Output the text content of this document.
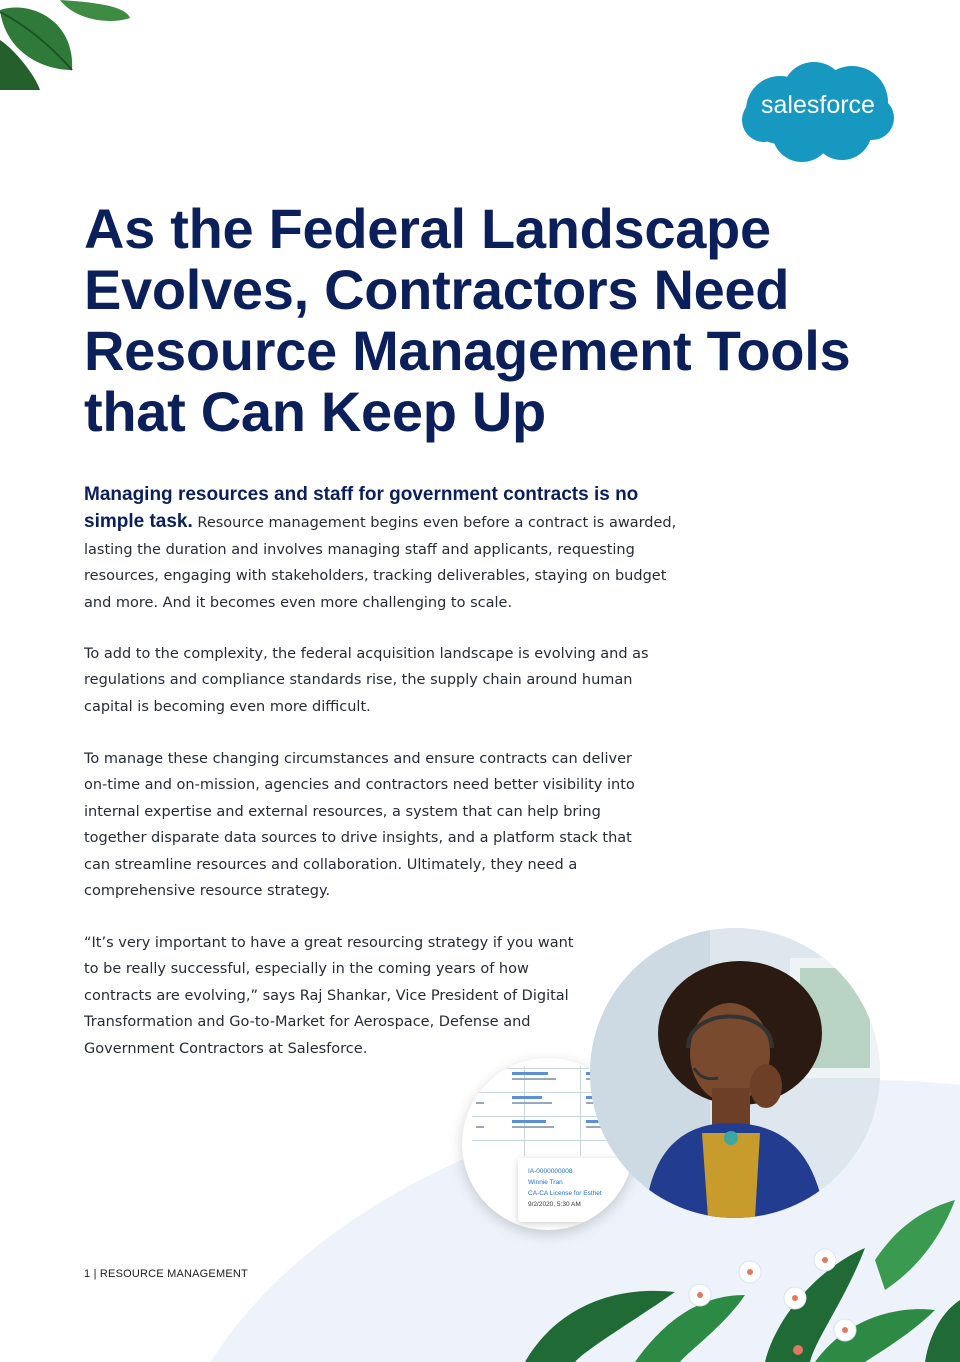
salesforce
As the Federal Landscape Evolves, Contractors Need Resource Management Tools that Can Keep Up

Managing resources and staff for government contracts is no simple task. Resource management begins even before a contract is awarded, lasting the duration and involves managing staff and applicants, requesting resources, engaging with stakeholders, tracking deliverables, staying on budget and more. And it becomes even more challenging to scale.

To add to the complexity, the federal acquisition landscape is evolving and as regulations and compliance standards rise, the supply chain around human capital is becoming even more difficult.

To manage these changing circumstances and ensure contracts can deliver on-time and on-mission, agencies and contractors need better visibility into internal expertise and external resources, a system that can help bring together disparate data sources to drive insights, and a platform stack that can streamline resources and collaboration. Ultimately, they need a comprehensive resource strategy.

“It’s very important to have a great resourcing strategy if you want to be really successful, especially in the coming years of how contracts are evolving,” says Raj Shankar, Vice President of Digital Transformation and Go-to-Market for Aerospace, Defense and Government Contractors at Salesforce.

IA-0000000008
Winnie Tran
CA-CA License for Esthet
9/2/2020, 5:30 AM

1 | RESOURCE MANAGEMENT
